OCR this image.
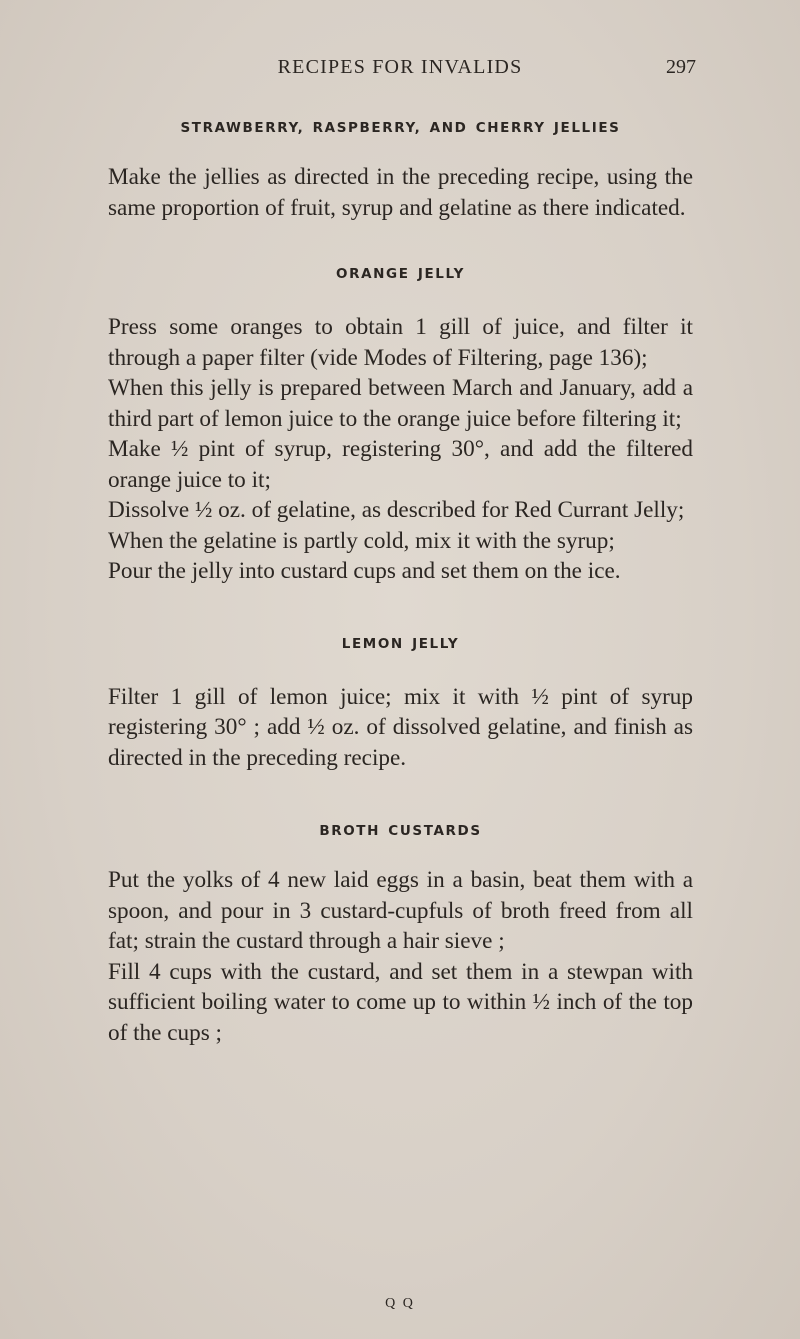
RECIPES FOR INVALIDS	297
STRAWBERRY, RASPBERRY, AND CHERRY JELLIES

Make the jellies as directed in the preceding recipe, using the same proportion of fruit, syrup and gelatine as there indicated.

ORANGE JELLY

Press some oranges to obtain 1 gill of juice, and filter it through a paper filter (vide Modes of Filtering, page 136);

When this jelly is prepared between March and January, add a third part of lemon juice to the orange juice before filtering it;

Make ½ pint of syrup, registering 30°, and add the filtered orange juice to it;

Dissolve ½ oz. of gelatine, as described for Red Currant Jelly;

When the gelatine is partly cold, mix it with the syrup;

Pour the jelly into custard cups and set them on the ice.

LEMON JELLY

Filter 1 gill of lemon juice; mix it with ½ pint of syrup registering 30° ; add ½ oz. of dissolved gelatine, and finish as directed in the preceding recipe.

BROTH CUSTARDS

Put the yolks of 4 new laid eggs in a basin, beat them with a spoon, and pour in 3 custard-cupfuls of broth freed from all fat; strain the custard through a hair sieve ;

Fill 4 cups with the custard, and set them in a stewpan with sufficient boiling water to come up to within ½ inch of the top of the cups ;

Q Q
